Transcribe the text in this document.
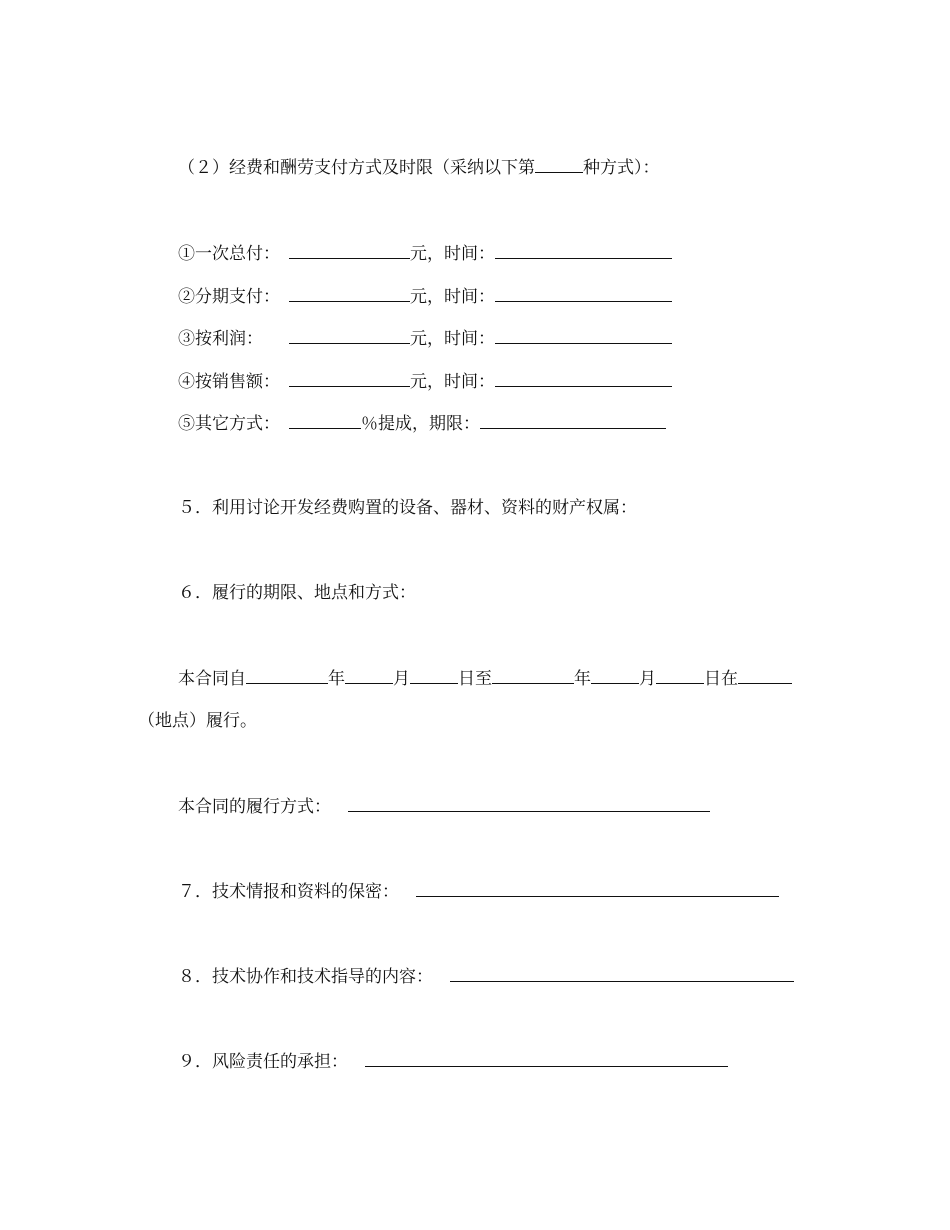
（２）经费和酬劳支付方式及时限（采纳以下第	种方式）：
①一次总付：	元，时间：
②分期支付：	元，时间：
③按利润：	元，时间：
④按销售额：	元，时间：
⑤其它方式：	％提成，期限：
５．利用讨论开发经费购置的设备、器材、资料的财产权属：
６．履行的期限、地点和方式：
本合同自	年	月	日至	年	月	日在
（地点）履行。
本合同的履行方式：
７．技术情报和资料的保密：
８．技术协作和技术指导的内容：
９．风险责任的承担：
